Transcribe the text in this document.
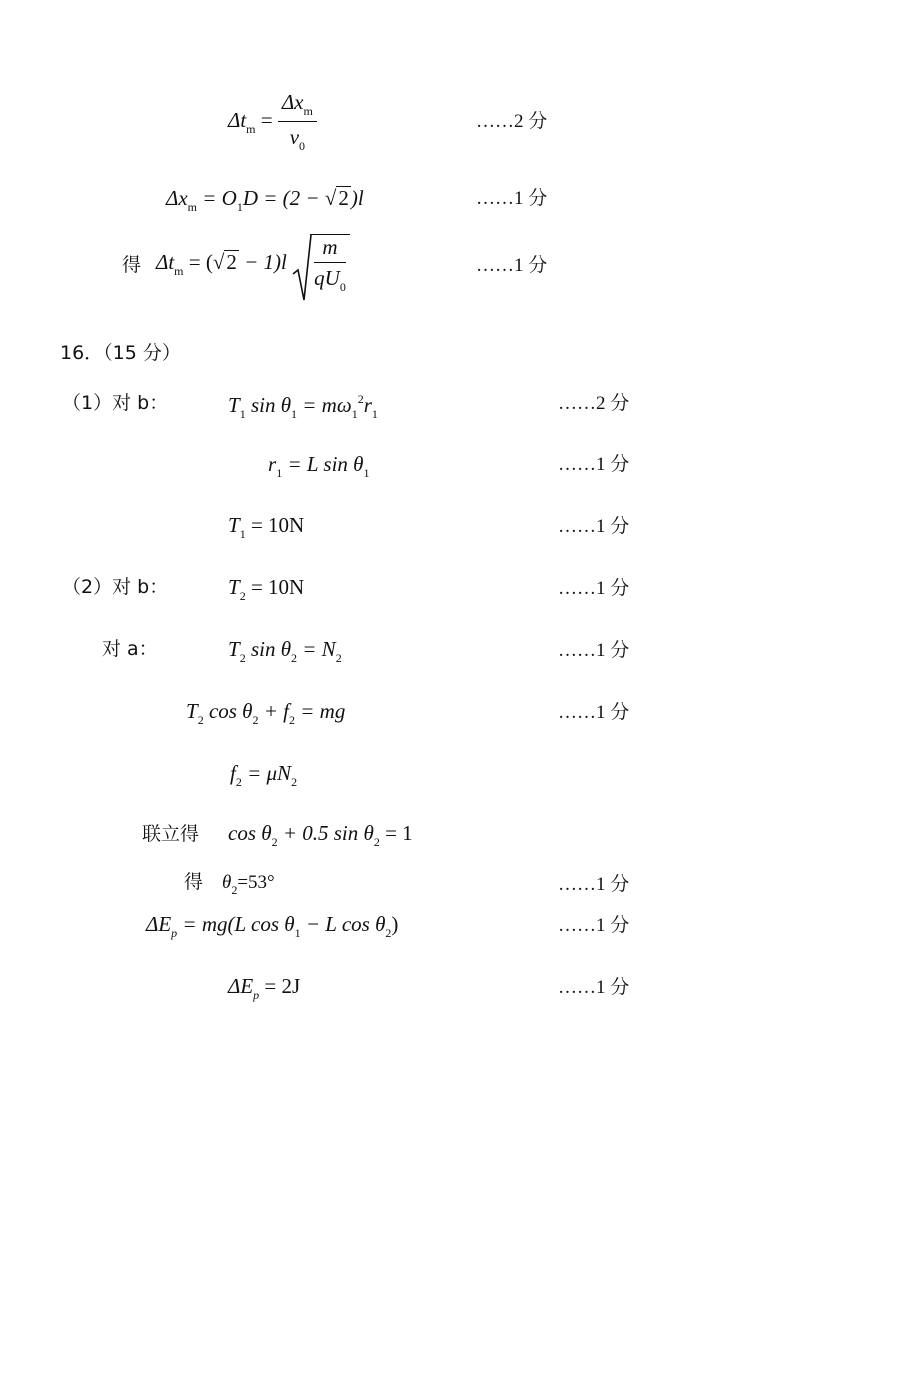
$\Delta t_m = \frac{\Delta x_m}{v_0}$	……2 分
$\Delta x_m = O_1D = (2 - √2)l$	……1 分
得 $\Delta t_m = (√2 - 1)l \frac{m}{qU_0}$	……1 分
16．（15 分）
（1）对 b：	$T_1$ $\sin \theta_1 = m\omega_1^2r_1$	……2 分
$r_1 = L$ $\sin \theta_1$	……1 分
$T_1 = 10N$	……1 分
（2）对 b：	$T_2 = 10N$	……1 分
对 a：	$T_2$ $\sin \theta_2 = N_2$	……1 分
$T_2$ $\cos \theta_2 + f_2$ = mg	……1 分
$f_2 = \mu N_2$
联立得 $\cos \theta_2 + 0.5$ $\sin \theta_2 = 1$
得 $\theta_2=53^\circ$	……1 分
$\Delta E_p = mg(L$ $\cos \theta_1 - L$ $\cos \theta_2$)	……1 分
$\Delta E_p = 2J$	……1 分
